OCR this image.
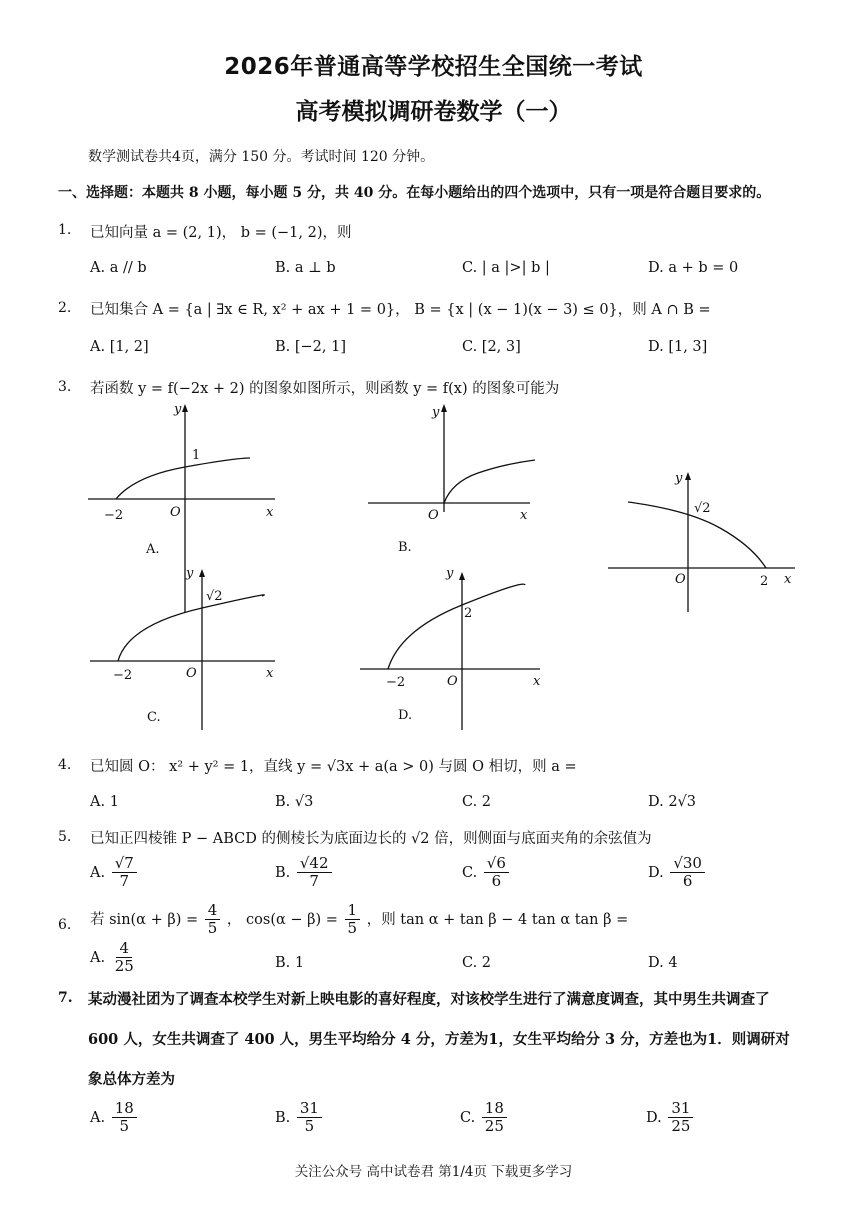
2026年普通高等学校招生全国统一考试
高考模拟调研卷数学（一）
数学测试卷共4页，满分 150 分。考试时间 120 分钟。
一、选择题：本题共 8 小题，每小题 5 分，共 40 分。在每小题给出的四个选项中，只有一项是符合题目要求的。
1. 已知向量 a = (2, 1)， b = (−1, 2)，则
A. a // b	B. a ⊥ b	C. | a |>| b |	D. a + b = 0
2. 已知集合 A = {a | ∃x ∈ R, x² + ax + 1 = 0}， B = {x | (x − 1)(x − 3) ≤ 0}，则 A ∩ B =
A. [1, 2]	B. [−2, 1]	C. [2, 3]	D. [1, 3]
3. 若函数 y = f(−2x + 2) 的图象如图所示，则函数 y = f(x) 的图象可能为
y
x
O
−2
1
A.
y
x
O
B.
y
x
O
√2
2
y
x
O
−2
√2
C.
y
x
O
−2
2
D.
4. 已知圆 O： x² + y² = 1，直线 y = √3x + a(a > 0) 与圆 O 相切，则 a =
A. 1	B. √3	C. 2	D. 2√3
5. 已知正四棱锥 P − ABCD 的侧棱长为底面边长的 √2 倍，则侧面与底面夹角的余弦值为
A. $\frac{√7}{7}$	B. $\frac{√42}{7}$	C. $\frac{√6}{6}$	D. $\frac{√30}{6}$
6. 若 $\sin(\alpha + \beta) = \frac{4}{5}$ ， $\cos(\alpha - \beta) = \frac{1}{5}$ ，则 tan α + tan β − 4 tan α tan β =
A. $\frac{4}{25}$	B. 1	C. 2	D. 4
7. 某动漫社团为了调查本校学生对新上映电影的喜好程度，对该校学生进行了满意度调查，其中男生共调查了
600 人，女生共调查了 400 人，男生平均给分 4 分，方差为1，女生平均给分 3 分，方差也为1．则调研对
象总体方差为
A. $\frac{18}{5}$	B. $\frac{31}{5}$	C. $\frac{18}{25}$	D. $\frac{31}{25}$
关注公众号 高中试卷君 第1/4页 下载更多学习
